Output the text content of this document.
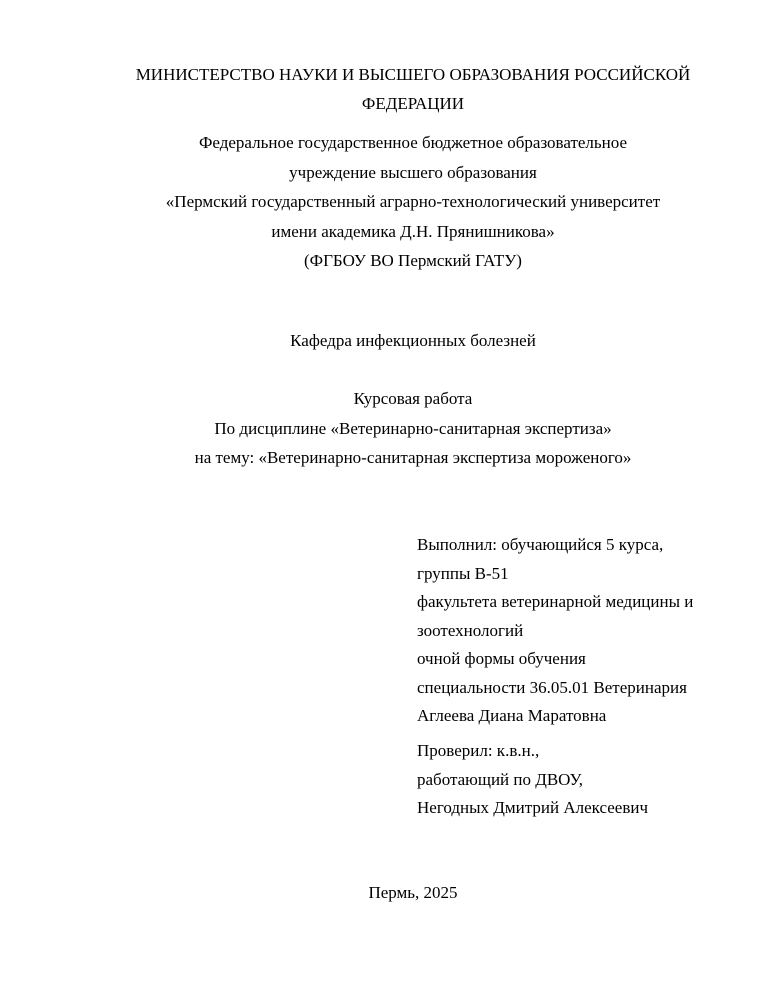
МИНИСТЕРСТВО НАУКИ И ВЫСШЕГО ОБРАЗОВАНИЯ РОССИЙСКОЙ
ФЕДЕРАЦИИ
Федеральное государственное бюджетное образовательное
учреждение высшего образования
«Пермский государственный аграрно-технологический университет
имени академика Д.Н. Прянишникова»
(ФГБОУ ВО Пермский ГАТУ)
Кафедра инфекционных болезней
Курсовая работа
По дисциплине «Ветеринарно-санитарная экспертиза»
на тему: «Ветеринарно-санитарная экспертиза мороженого»
Выполнил: обучающийся 5 курса,
группы В-51
факультета ветеринарной медицины и
зоотехнологий
очной формы обучения
специальности 36.05.01 Ветеринария
Аглеева Диана Маратовна
Проверил: к.в.н.,
работающий по ДВОУ,
Негодных Дмитрий Алексеевич
Пермь, 2025
